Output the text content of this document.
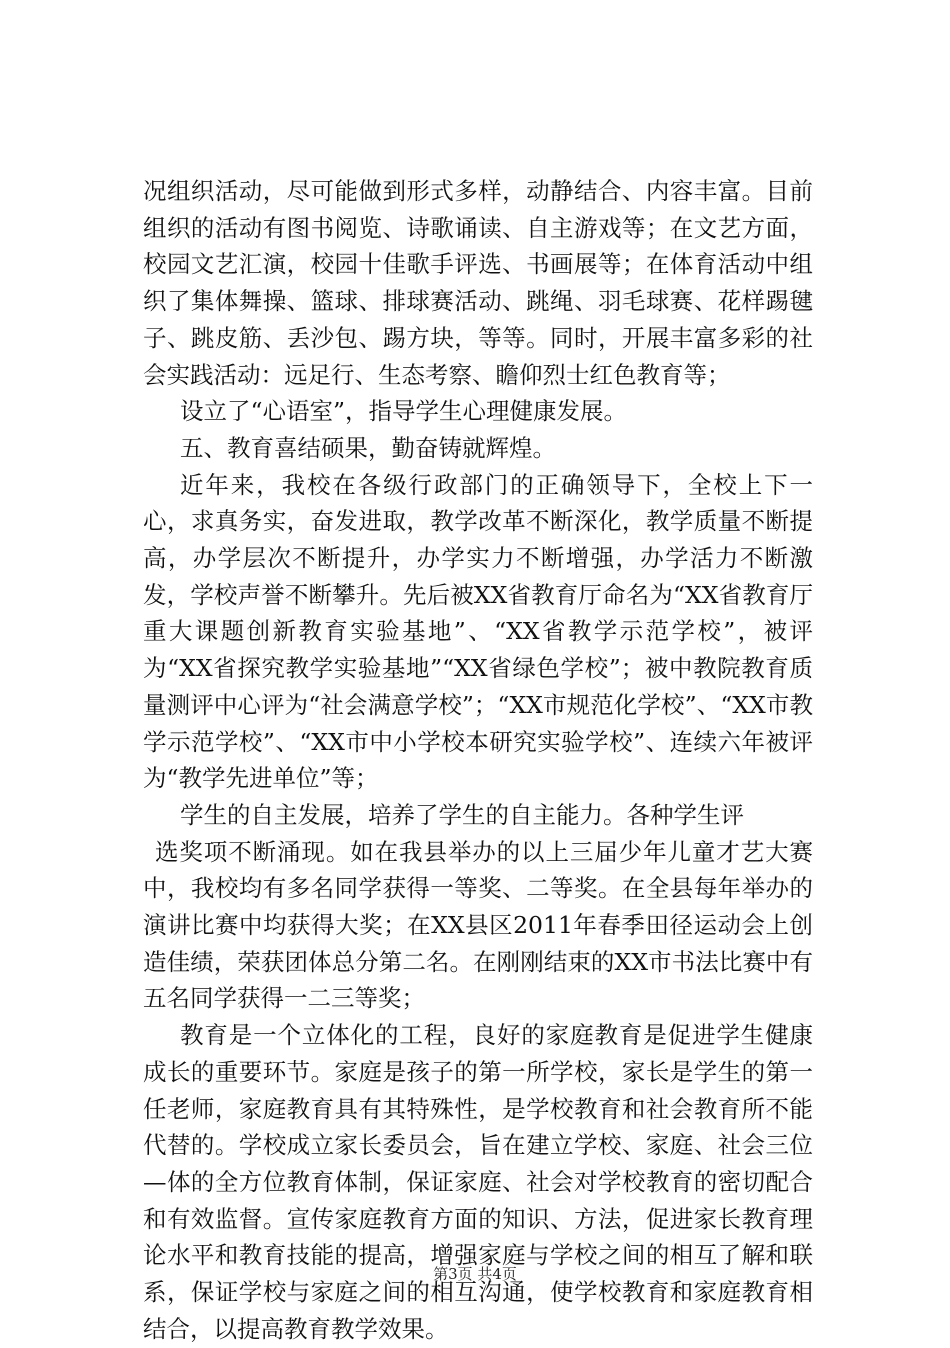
况组织活动，尽可能做到形式多样，动静结合、内容丰富。目前组织的活动有图书阅览、诗歌诵读、自主游戏等；在文艺方面，校园文艺汇演，校园十佳歌手评选、书画展等；在体育活动中组织了集体舞操、篮球、排球赛活动、跳绳、羽毛球赛、花样踢毽子、跳皮筋、丢沙包、踢方块，等等。同时，开展丰富多彩的社会实践活动：远足行、生态考察、瞻仰烈士红色教育等；

设立了“心语室”，指导学生心理健康发展。

五、教育喜结硕果，勤奋铸就辉煌。

近年来，我校在各级行政部门的正确领导下，全校上下一心，求真务实，奋发进取，教学改革不断深化，教学质量不断提高，办学层次不断提升，办学实力不断增强，办学活力不断激发，学校声誉不断攀升。先后被XX省教育厅命名为“XX省教育厅重大课题创新教育实验基地”、“XX省教学示范学校”，被评为“XX省探究教学实验基地”“XX省绿色学校”；被中教院教育质量测评中心评为“社会满意学校”；“XX市规范化学校”、“XX市教学示范学校”、“XX市中小学校本研究实验学校”、连续六年被评为“教学先进单位”等；

学生的自主发展，培养了学生的自主能力。各种学生评

选奖项不断涌现。如在我县举办的以上三届少年儿童才艺大赛中，我校均有多名同学获得一等奖、二等奖。在全县每年举办的演讲比赛中均获得大奖；在XX县区2011年春季田径运动会上创造佳绩，荣获团体总分第二名。在刚刚结束的XX市书法比赛中有五名同学获得一二三等奖；

教育是一个立体化的工程，良好的家庭教育是促进学生健康成长的重要环节。家庭是孩子的第一所学校，家长是学生的第一任老师，家庭教育具有其特殊性，是学校教育和社会教育所不能代替的。学校成立家长委员会，旨在建立学校、家庭、社会三位—体的全方位教育体制，保证家庭、社会对学校教育的密切配合和有效监督。宣传家庭教育方面的知识、方法，促进家长教育理论水平和教育技能的提高，增强家庭与学校之间的相互了解和联系，保证学校与家庭之间的相互沟通，使学校教育和家庭教育相结合，以提高教育教学效果。

第3页 共4页
